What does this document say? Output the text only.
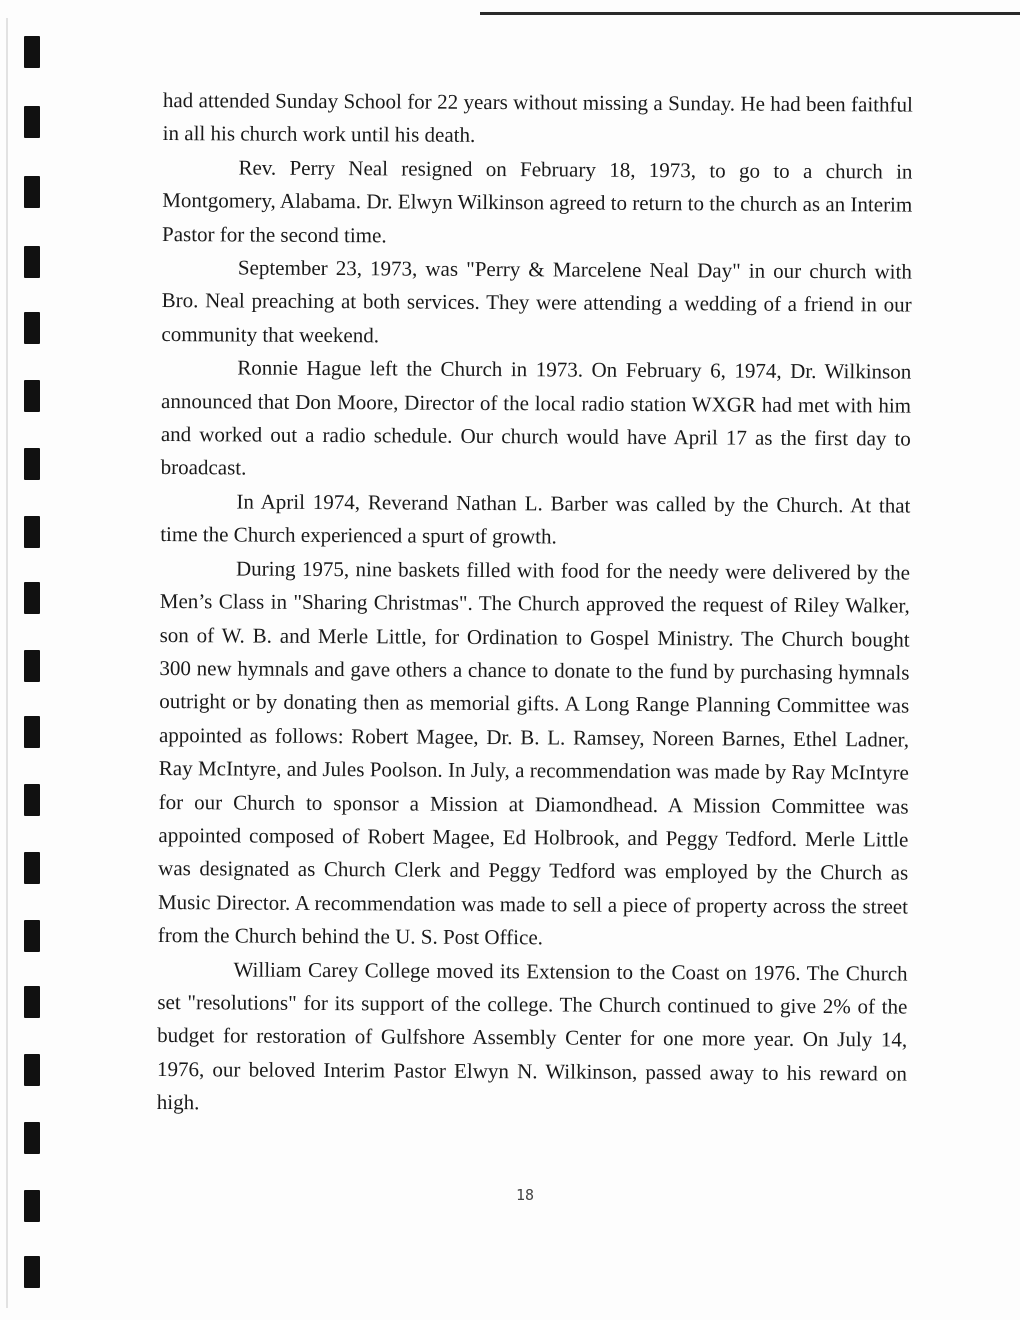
had attended Sunday School for 22 years without missing a Sunday. He had been faithful in all his church work until his death.

Rev. Perry Neal resigned on February 18, 1973, to go to a church in Montgomery, Alabama. Dr. Elwyn Wilkinson agreed to return to the church as an Interim Pastor for the second time.

September 23, 1973, was "Perry & Marcelene Neal Day" in our church with Bro. Neal preaching at both services. They were attending a wedding of a friend in our community that weekend.

Ronnie Hague left the Church in 1973. On February 6, 1974, Dr. Wilkinson announced that Don Moore, Director of the local radio station WXGR had met with him and worked out a radio schedule. Our church would have April 17 as the first day to broadcast.

In April 1974, Reverand Nathan L. Barber was called by the Church. At that time the Church experienced a spurt of growth.

During 1975, nine baskets filled with food for the needy were delivered by the Men’s Class in "Sharing Christmas". The Church approved the request of Riley Walker, son of W. B. and Merle Little, for Ordination to Gospel Ministry. The Church bought 300 new hymnals and gave others a chance to donate to the fund by purchasing hymnals outright or by donating then as memorial gifts. A Long Range Planning Committee was appointed as follows: Robert Magee, Dr. B. L. Ramsey, Noreen Barnes, Ethel Ladner, Ray McIntyre, and Jules Poolson. In July, a recommendation was made by Ray McIntyre for our Church to sponsor a Mission at Diamondhead. A Mission Committee was appointed composed of Robert Magee, Ed Holbrook, and Peggy Tedford. Merle Little was designated as Church Clerk and Peggy Tedford was employed by the Church as Music Director. A recommendation was made to sell a piece of property across the street from the Church behind the U. S. Post Office.

William Carey College moved its Extension to the Coast on 1976. The Church set "resolutions" for its support of the college. The Church continued to give 2% of the budget for restoration of Gulfshore Assembly Center for one more year. On July 14, 1976, our beloved Interim Pastor Elwyn N. Wilkinson, passed away to his reward on high.

18
